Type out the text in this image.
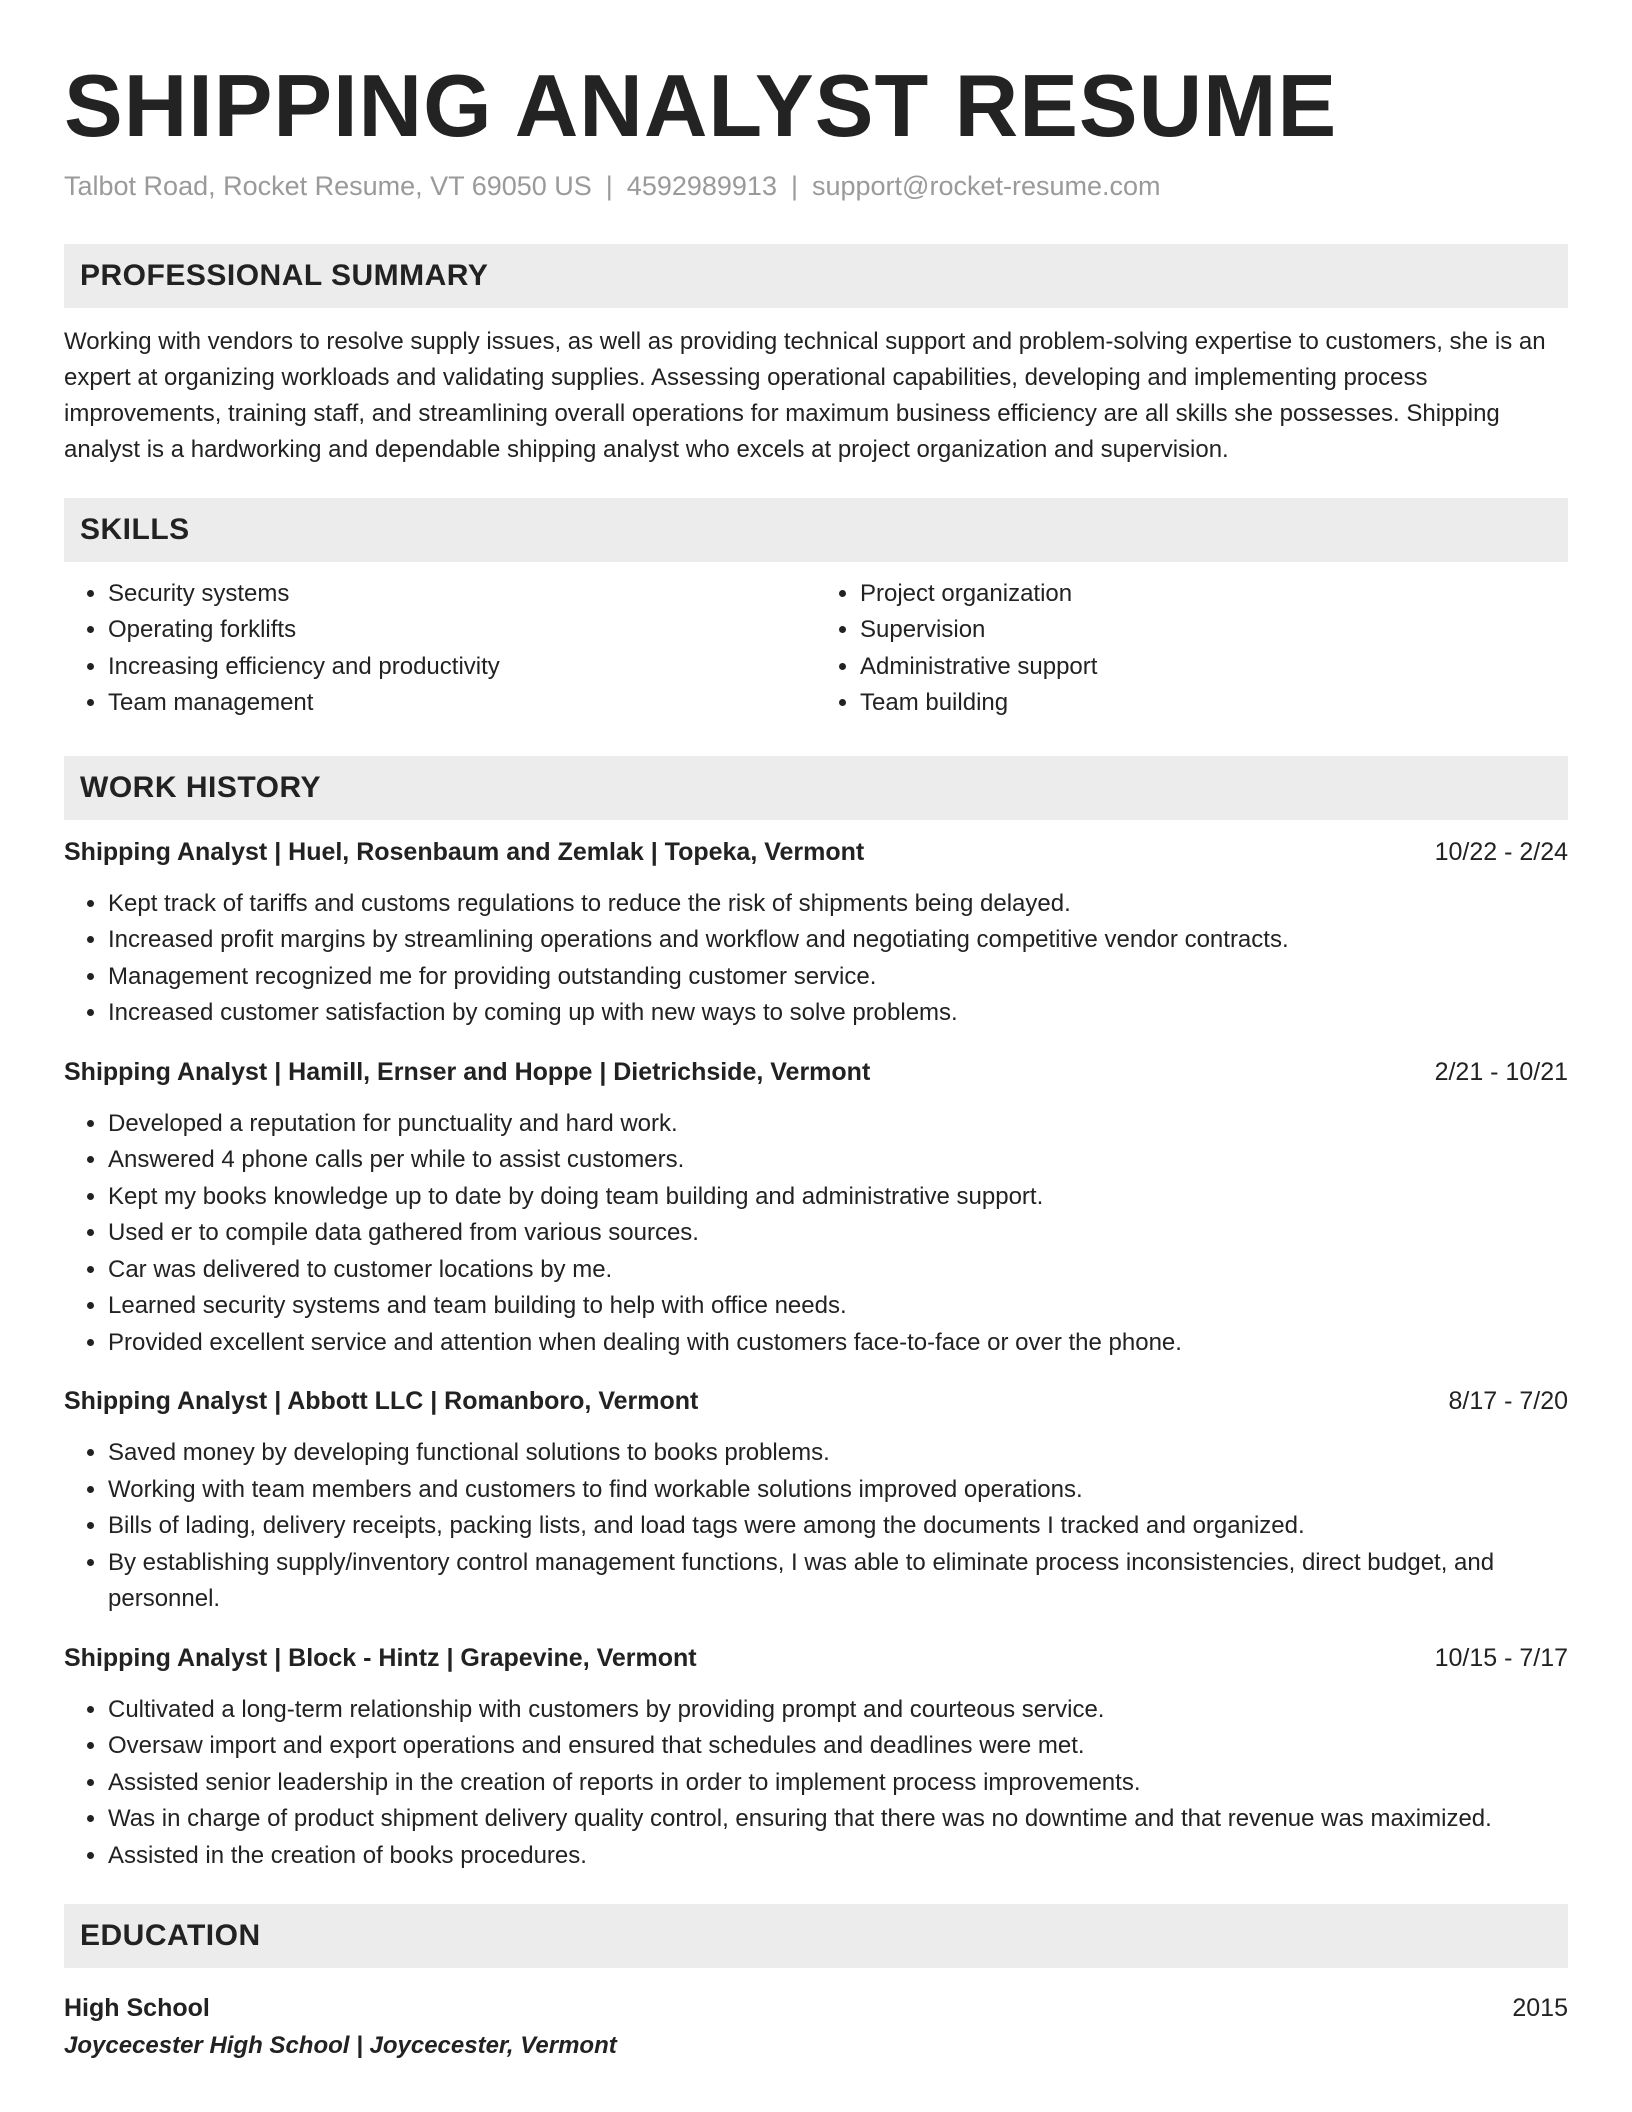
SHIPPING ANALYST RESUME
Talbot Road, Rocket Resume, VT 69050 US | 4592989913 | support@rocket-resume.com
PROFESSIONAL SUMMARY

Working with vendors to resolve supply issues, as well as providing technical support and problem-solving expertise to customers, she is an expert at organizing workloads and validating supplies. Assessing operational capabilities, developing and implementing process improvements, training staff, and streamlining overall operations for maximum business efficiency are all skills she possesses. Shipping analyst is a hardworking and dependable shipping analyst who excels at project organization and supervision.

SKILLS
• Security systems
• Operating forklifts
• Increasing efficiency and productivity
• Team management
• Project organization
• Supervision
• Administrative support
• Team building
WORK HISTORY
Shipping Analyst | Huel, Rosenbaum and Zemlak | Topeka, Vermont	10/22 - 2/24
• Kept track of tariffs and customs regulations to reduce the risk of shipments being delayed.
• Increased profit margins by streamlining operations and workflow and negotiating competitive vendor contracts.
• Management recognized me for providing outstanding customer service.
• Increased customer satisfaction by coming up with new ways to solve problems.
Shipping Analyst | Hamill, Ernser and Hoppe | Dietrichside, Vermont	2/21 - 10/21
• Developed a reputation for punctuality and hard work.
• Answered 4 phone calls per while to assist customers.
• Kept my books knowledge up to date by doing team building and administrative support.
• Used er to compile data gathered from various sources.
• Car was delivered to customer locations by me.
• Learned security systems and team building to help with office needs.
• Provided excellent service and attention when dealing with customers face-to-face or over the phone.
Shipping Analyst | Abbott LLC | Romanboro, Vermont	8/17 - 7/20
• Saved money by developing functional solutions to books problems.
• Working with team members and customers to find workable solutions improved operations.
• Bills of lading, delivery receipts, packing lists, and load tags were among the documents I tracked and organized.
• By establishing supply/inventory control management functions, I was able to eliminate process inconsistencies, direct budget, and personnel.
Shipping Analyst | Block - Hintz | Grapevine, Vermont	10/15 - 7/17
• Cultivated a long-term relationship with customers by providing prompt and courteous service.
• Oversaw import and export operations and ensured that schedules and deadlines were met.
• Assisted senior leadership in the creation of reports in order to implement process improvements.
• Was in charge of product shipment delivery quality control, ensuring that there was no downtime and that revenue was maximized.
• Assisted in the creation of books procedures.
EDUCATION
High School	2015
Joycecester High School | Joycecester, Vermont
